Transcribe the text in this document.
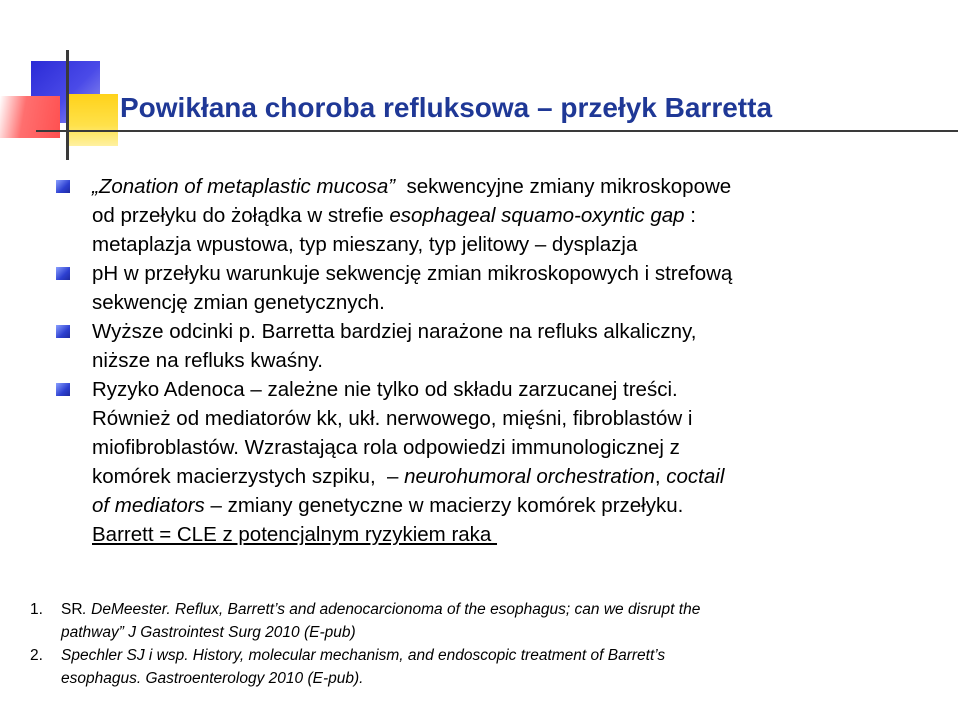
Powikłana choroba refluksowa – przełyk Barretta
„Zonation of metaplastic mucosa”  sekwencyjne zmiany mikroskopowe
od przełyku do żołądka w strefie esophageal squamo-oxyntic gap :
metaplazja wpustowa, typ mieszany, typ jelitowy – dysplazja
pH w przełyku warunkuje sekwencję zmian mikroskopowych i strefową
sekwencję zmian genetycznych.
Wyższe odcinki p. Barretta bardziej narażone na refluks alkaliczny,
niższe na refluks kwaśny.
Ryzyko Adenoca – zależne nie tylko od składu zarzucanej treści.
Również od mediatorów kk, ukł. nerwowego, mięśni, fibroblastów i
miofibroblastów. Wzrastająca rola odpowiedzi immunologicznej z
komórek macierzystych szpiku,  – neurohumoral orchestration, coctail
of mediators – zmiany genetyczne w macierzy komórek przełyku.
Barrett = CLE z potencjalnym ryzykiem raka
1. SR. DeMeester. Reflux, Barrett’s and adenocarcionoma of the esophagus; can we disrupt the
pathway” J Gastrointest Surg 2010 (E-pub)
2. Spechler SJ i wsp. History, molecular mechanism, and endoscopic treatment of Barrett’s
esophagus. Gastroenterology 2010 (E-pub).
